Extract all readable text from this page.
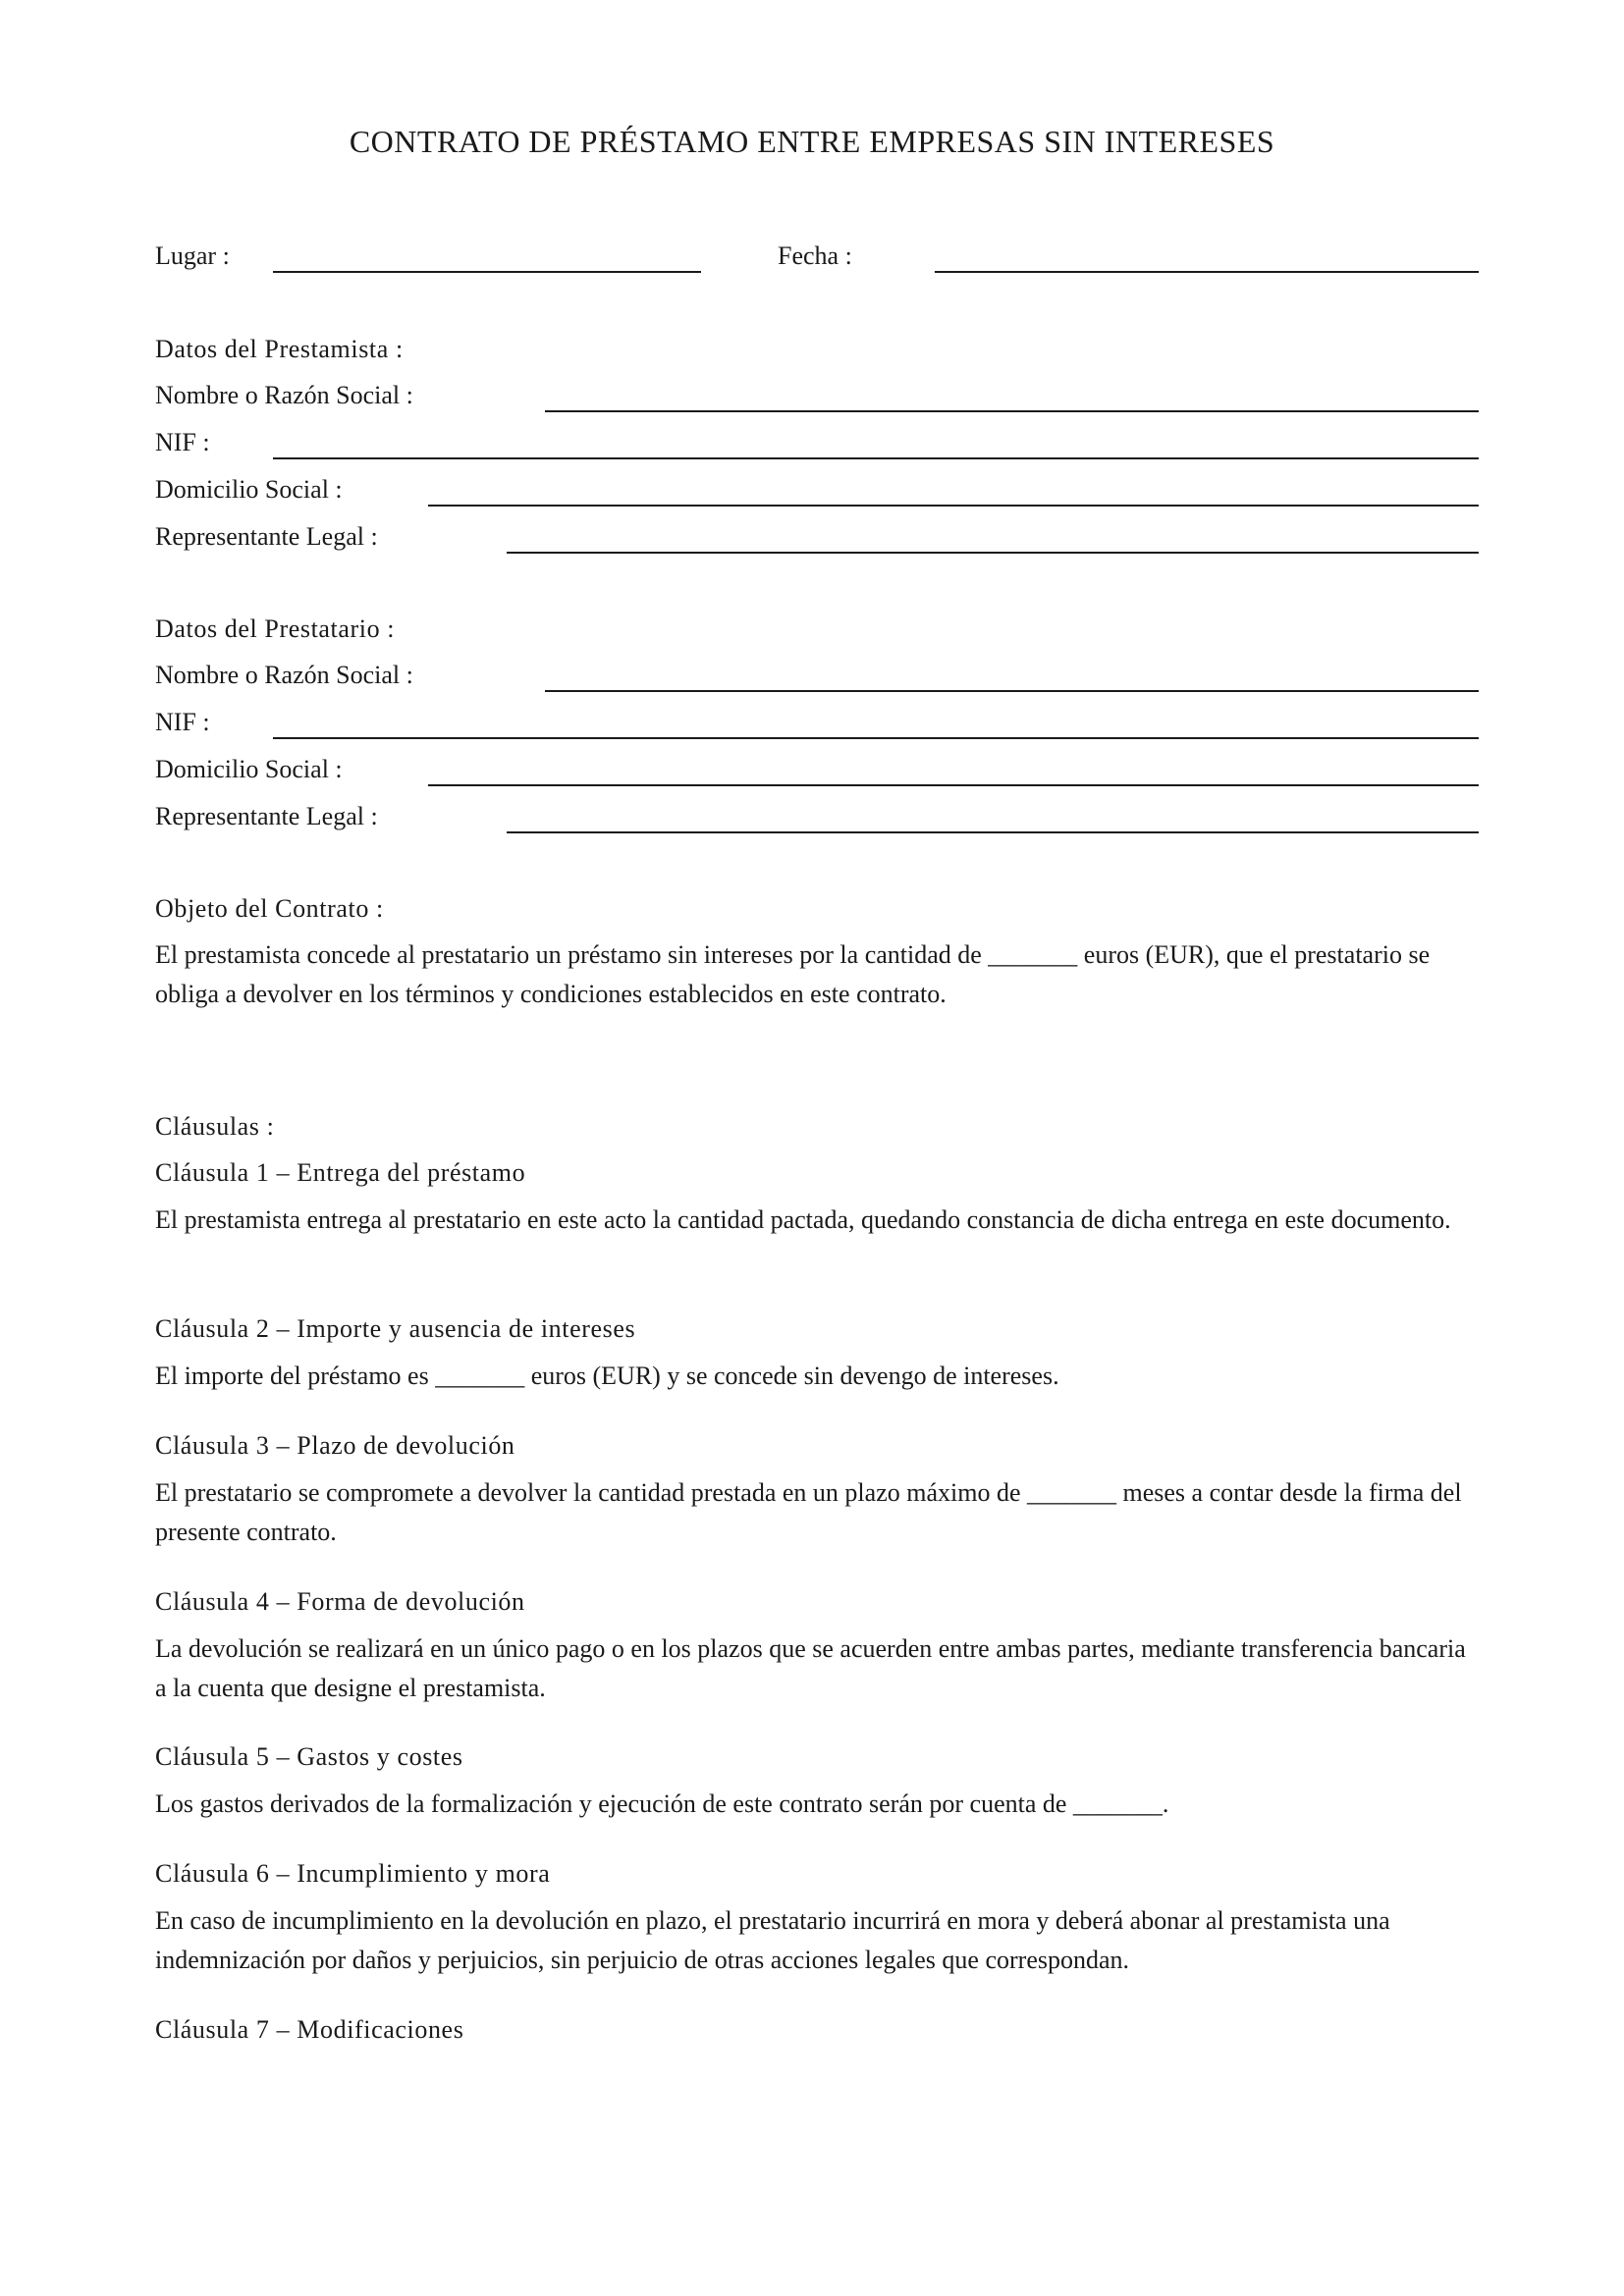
CONTRATO DE PRÉSTAMO ENTRE EMPRESAS SIN INTERESES
Lugar :	Fecha :
Datos del Prestamista :
Nombre o Razón Social :
NIF :
Domicilio Social :
Representante Legal :
Datos del Prestatario :
Nombre o Razón Social :
NIF :
Domicilio Social :
Representante Legal :
Objeto del Contrato :
El prestamista concede al prestatario un préstamo sin intereses por la cantidad de _______ euros (EUR), que el prestatario se obliga a devolver en los términos y condiciones establecidos en este contrato.
Cláusulas :
Cláusula 1 – Entrega del préstamo
El prestamista entrega al prestatario en este acto la cantidad pactada, quedando constancia de dicha entrega en este documento.
Cláusula 2 – Importe y ausencia de intereses
El importe del préstamo es _______ euros (EUR) y se concede sin devengo de intereses.
Cláusula 3 – Plazo de devolución
El prestatario se compromete a devolver la cantidad prestada en un plazo máximo de _______ meses a contar desde la firma del presente contrato.
Cláusula 4 – Forma de devolución
La devolución se realizará en un único pago o en los plazos que se acuerden entre ambas partes, mediante transferencia bancaria a la cuenta que designe el prestamista.
Cláusula 5 – Gastos y costes
Los gastos derivados de la formalización y ejecución de este contrato serán por cuenta de _______.
Cláusula 6 – Incumplimiento y mora
En caso de incumplimiento en la devolución en plazo, el prestatario incurrirá en mora y deberá abonar al prestamista una indemnización por daños y perjuicios, sin perjuicio de otras acciones legales que correspondan.
Cláusula 7 – Modificaciones
